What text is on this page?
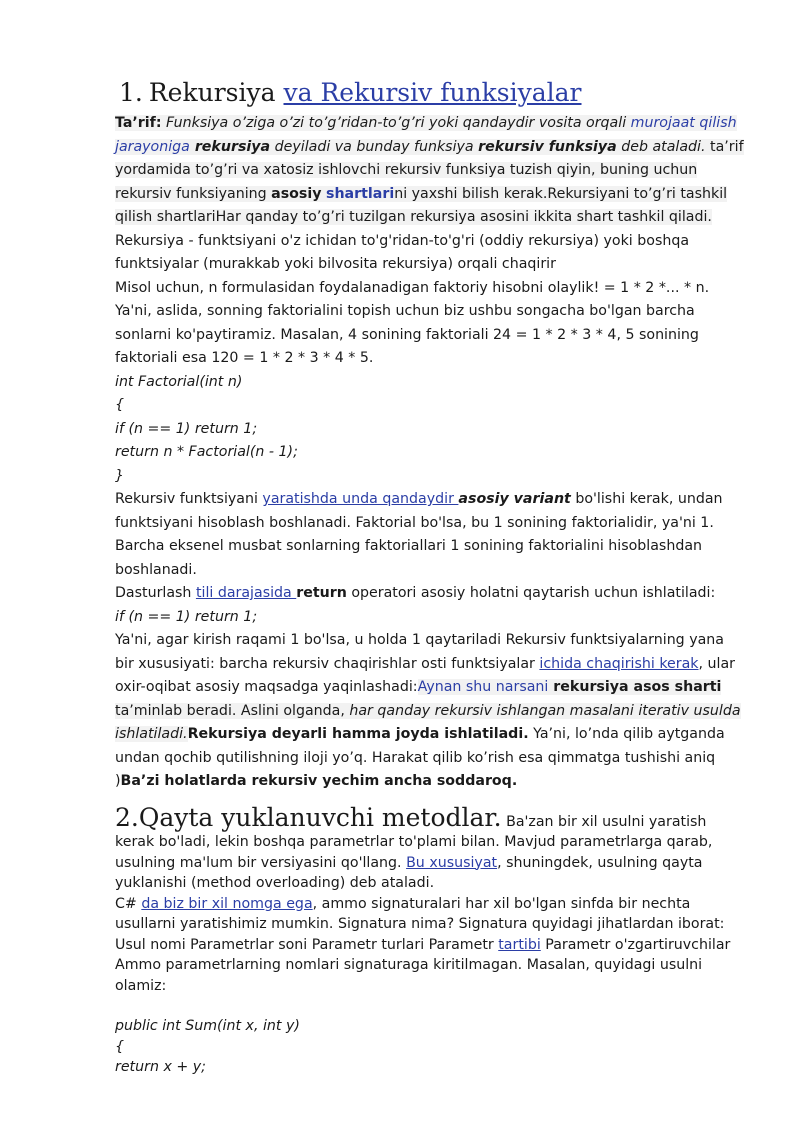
1. Rekursiya va Rekursiv funksiyalar
Ta’rif: Funksiya o’ziga o’zi to’g’ridan-to’g’ri yoki qandaydir vosita orqali murojaat qilish jarayoniga rekursiya deyiladi va bunday funksiya rekursiv funksiya deb ataladi. ta’rif yordamida to’g’ri va xatosiz ishlovchi rekursiv funksiya tuzish qiyin, buning uchun rekursiv funksiyaning asosiy shartlarini yaxshi bilish kerak.Rekursiyani to’g’ri tashkil qilish shartlariHar qanday to’g’ri tuzilgan rekursiya asosini ikkita shart tashkil qiladi. Rekursiya - funktsiyani o'z ichidan to'g'ridan-to'g'ri (oddiy rekursiya) yoki boshqa funktsiyalar (murakkab yoki bilvosita rekursiya) orqali chaqirir
Misol uchun, n formulasidan foydalanadigan faktoriy hisobni olaylik! = 1 * 2 *... * n. Ya'ni, aslida, sonning faktorialini topish uchun biz ushbu songacha bo'lgan barcha sonlarni ko'paytiramiz. Masalan, 4 sonining faktoriali 24 = 1 * 2 * 3 * 4, 5 sonining faktoriali esa 120 = 1 * 2 * 3 * 4 * 5.
int Factorial(int n)
{
if (n == 1) return 1;
return n * Factorial(n - 1);
}
Rekursiv funktsiyani yaratishda unda qandaydir asosiy variant bo'lishi kerak, undan funktsiyani hisoblash boshlanadi. Faktorial bo'lsa, bu 1 sonining faktorialidir, ya'ni 1. Barcha eksenel musbat sonlarning faktoriallari 1 sonining faktorialini hisoblashdan boshlanadi.
Dasturlash tili darajasida return operatori asosiy holatni qaytarish uchun ishlatiladi:
if (n == 1) return 1;
Ya'ni, agar kirish raqami 1 bo'lsa, u holda 1 qaytariladi Rekursiv funktsiyalarning yana bir xususiyati: barcha rekursiv chaqirishlar osti funktsiyalar ichida chaqirishi kerak, ular oxir-oqibat asosiy maqsadga yaqinlashadi:Aynan shu narsani rekursiya asos sharti ta’minlab beradi. Aslini olganda, har qanday rekursiv ishlangan masalani iterativ usulda ishlatiladi.Rekursiya deyarli hamma joyda ishlatiladi. Ya’ni, lo’nda qilib aytganda undan qochib qutilishning iloji yo’q. Harakat qilib ko’rish esa qimmatga tushishi aniq )Ba’zi holatlarda rekursiv yechim ancha soddaroq.
2.Qayta yuklanuvchi metodlar. Ba'zan bir xil usulni yaratish kerak bo'ladi, lekin boshqa parametrlar to'plami bilan. Mavjud parametrlarga qarab, usulning ma'lum bir versiyasini qo'llang. Bu xususiyat, shuningdek, usulning qayta yuklanishi (method overloading) deb ataladi.
C# da biz bir xil nomga ega, ammo signaturalari har xil bo'lgan sinfda bir nechta usullarni yaratishimiz mumkin. Signatura nima? Signatura quyidagi jihatlardan iborat: Usul nomi Parametrlar soni Parametr turlari Parametr tartibi Parametr o'zgartiruvchilar Ammo parametrlarning nomlari signaturaga kiritilmagan. Masalan, quyidagi usulni olamiz:
public int Sum(int x, int y)
{
return x + y;
